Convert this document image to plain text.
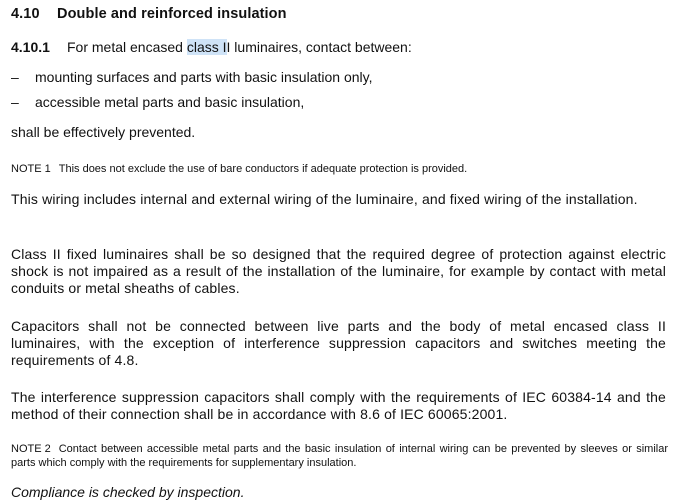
4.10 Double and reinforced insulation

4.10.1 For metal encased class II luminaires, contact between:

– mounting surfaces and parts with basic insulation only,

– accessible metal parts and basic insulation,

shall be effectively prevented.

NOTE 1 This does not exclude the use of bare conductors if adequate protection is provided.

This wiring includes internal and external wiring of the luminaire, and fixed wiring of the installation.

Class II fixed luminaires shall be so designed that the required degree of protection against electric shock is not impaired as a result of the installation of the luminaire, for example by contact with metal conduits or metal sheaths of cables.

Capacitors shall not be connected between live parts and the body of metal encased class II luminaires, with the exception of interference suppression capacitors and switches meeting the requirements of 4.8.

The interference suppression capacitors shall comply with the requirements of IEC 60384-14 and the method of their connection shall be in accordance with 8.6 of IEC 60065:2001.

NOTE 2 Contact between accessible metal parts and the basic insulation of internal wiring can be prevented by sleeves or similar parts which comply with the requirements for supplementary insulation.

Compliance is checked by inspection.
